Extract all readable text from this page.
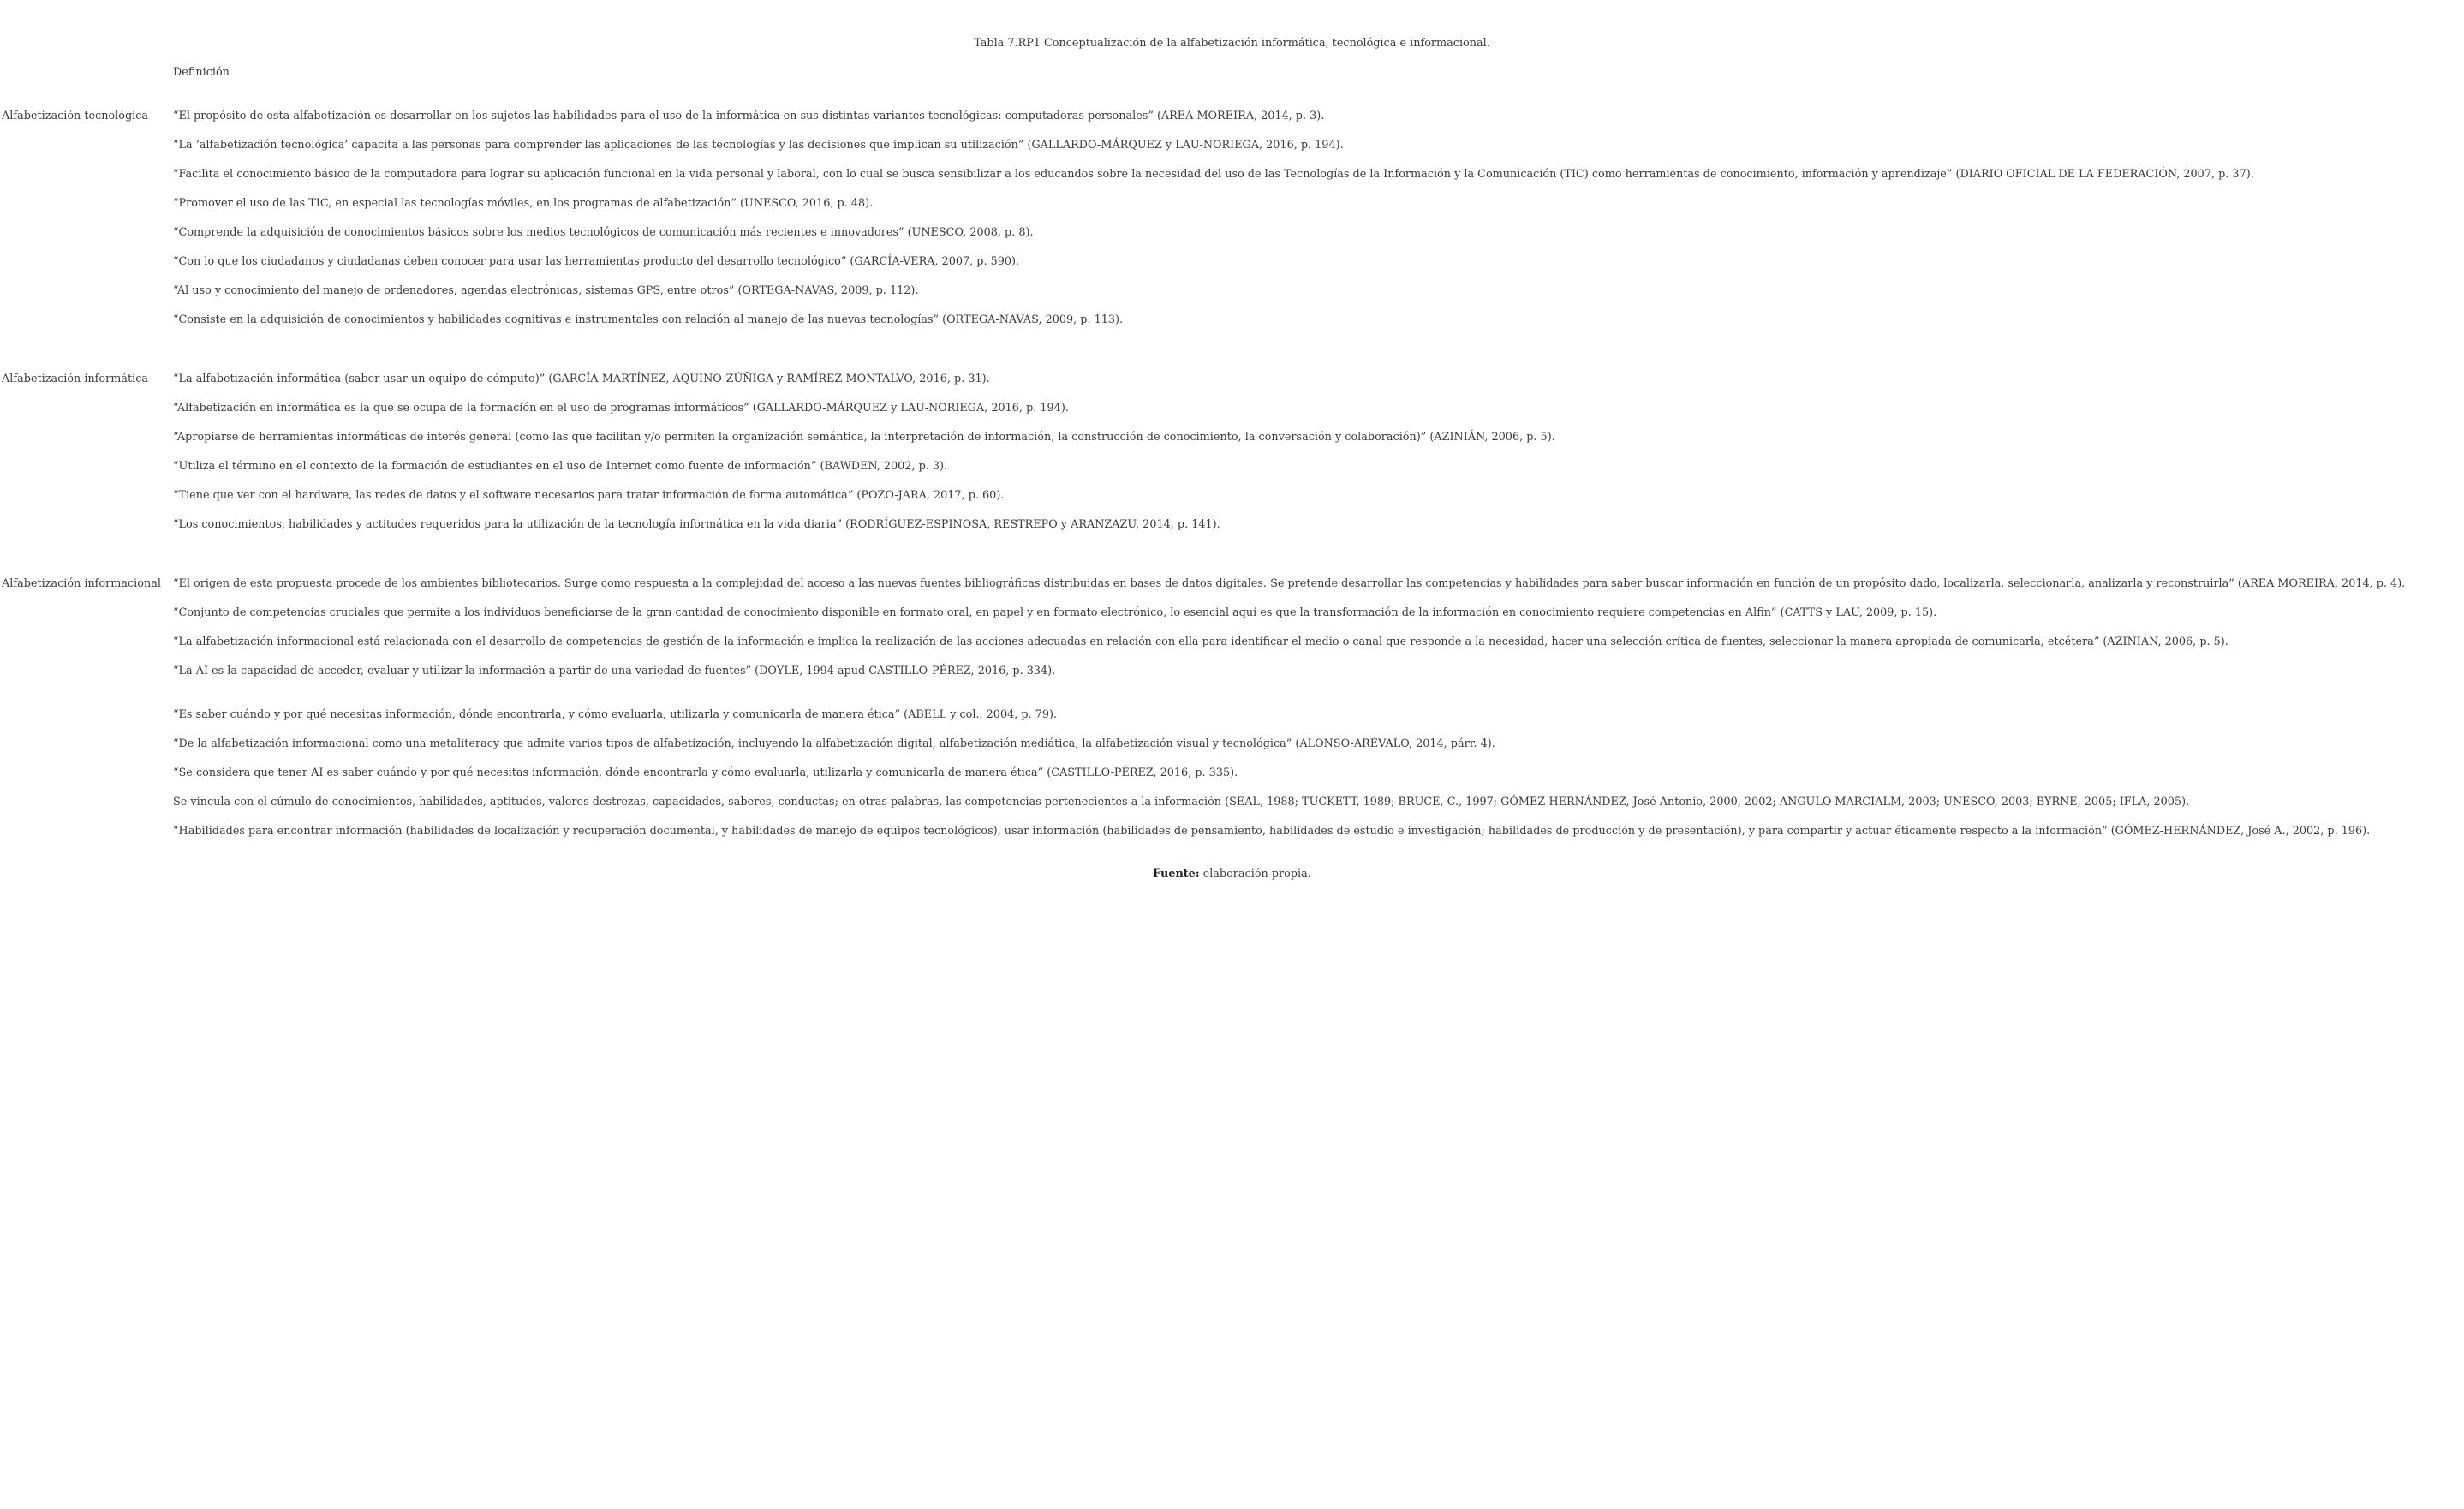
Tabla 7.RP1 Conceptualización de la alfabetización informática, tecnológica e informacional.
Definición
Alfabetización tecnológica “El propósito de esta alfabetización es desarrollar en los sujetos las habilidades para el uso de la informática en sus distintas variantes tecnológicas: computadoras personales” (AREA MOREIRA, 2014, p. 3).
“La ‘alfabetización tecnológica’ capacita a las personas para comprender las aplicaciones de las tecnologías y las decisiones que implican su utilización” (GALLARDO-MÁRQUEZ y LAU-NORIEGA, 2016, p. 194).
“Facilita el conocimiento básico de la computadora para lograr su aplicación funcional en la vida personal y laboral, con lo cual se busca sensibilizar a los educandos sobre la necesidad del uso de las Tecnologías de la Información y la Comunicación (TIC) como herramientas de conocimiento, información y aprendizaje” (DIARIO OFICIAL DE LA FEDERACIÓN, 2007, p. 37).
“Promover el uso de las TIC, en especial las tecnologías móviles, en los programas de alfabetización” (UNESCO, 2016, p. 48).
“Comprende la adquisición de conocimientos básicos sobre los medios tecnológicos de comunicación más recientes e innovadores” (UNESCO, 2008, p. 8).
“Con lo que los ciudadanos y ciudadanas deben conocer para usar las herramientas producto del desarrollo tecnológico” (GARCÍA-VERA, 2007, p. 590).
“Al uso y conocimiento del manejo de ordenadores, agendas electrónicas, sistemas GPS, entre otros” (ORTEGA-NAVAS, 2009, p. 112).
“Consiste en la adquisición de conocimientos y habilidades cognitivas e instrumentales con relación al manejo de las nuevas tecnologías” (ORTEGA-NAVAS, 2009, p. 113).
Alfabetización informática “La alfabetización informática (saber usar un equipo de cómputo)” (GARCÍA-MARTÍNEZ, AQUINO-ZÚÑIGA y RAMÍREZ-MONTALVO, 2016, p. 31).
“Alfabetización en informática es la que se ocupa de la formación en el uso de programas informáticos” (GALLARDO-MÁRQUEZ y LAU-NORIEGA, 2016, p. 194).
“Apropiarse de herramientas informáticas de interés general (como las que facilitan y/o permiten la organización semántica, la interpretación de información, la construcción de conocimiento, la conversación y colaboración)” (AZINIÁN, 2006, p. 5).
“Utiliza el término en el contexto de la formación de estudiantes en el uso de Internet como fuente de información” (BAWDEN, 2002, p. 3).
“Tiene que ver con el hardware, las redes de datos y el software necesarios para tratar información de forma automática” (POZO-JARA, 2017, p. 60).
“Los conocimientos, habilidades y actitudes requeridos para la utilización de la tecnología informática en la vida diaria” (RODRÍGUEZ-ESPINOSA, RESTREPO y ARANZAZU, 2014, p. 141).
Alfabetización informacional “El origen de esta propuesta procede de los ambientes bibliotecarios. Surge como respuesta a la complejidad del acceso a las nuevas fuentes bibliográficas distribuidas en bases de datos digitales. Se pretende desarrollar las competencias y habilidades para saber buscar información en función de un propósito dado, localizarla, seleccionarla, analizarla y reconstruirla” (AREA MOREIRA, 2014, p. 4).
“Conjunto de competencias cruciales que permite a los individuos beneficiarse de la gran cantidad de conocimiento disponible en formato oral, en papel y en formato electrónico, lo esencial aquí es que la transformación de la información en conocimiento requiere competencias en Alfin” (CATTS y LAU, 2009, p. 15).
“La alfabetización informacional está relacionada con el desarrollo de competencias de gestión de la información e implica la realización de las acciones adecuadas en relación con ella para identificar el medio o canal que responde a la necesidad, hacer una selección crítica de fuentes, seleccionar la manera apropiada de comunicarla, etcétera” (AZINIÁN, 2006, p. 5).
“La AI es la capacidad de acceder, evaluar y utilizar la información a partir de una variedad de fuentes” (DOYLE, 1994 apud CASTILLO-PÉREZ, 2016, p. 334).
“Es saber cuándo y por qué necesitas información, dónde encontrarla, y cómo evaluarla, utilizarla y comunicarla de manera ética” (ABELL y col., 2004, p. 79).
“De la alfabetización informacional como una metaliteracy que admite varios tipos de alfabetización, incluyendo la alfabetización digital, alfabetización mediática, la alfabetización visual y tecnológica” (ALONSO-ARÉVALO, 2014, párr. 4).
“Se considera que tener AI es saber cuándo y por qué necesitas información, dónde encontrarla y cómo evaluarla, utilizarla y comunicarla de manera ética” (CASTILLO-PÉREZ, 2016, p. 335).
Se vincula con el cúmulo de conocimientos, habilidades, aptitudes, valores destrezas, capacidades, saberes, conductas; en otras palabras, las competencias pertenecientes a la información (SEAL, 1988; TUCKETT, 1989; BRUCE, C., 1997; GÓMEZ-HERNÁNDEZ, José Antonio, 2000, 2002; ANGULO MARCIALM, 2003; UNESCO, 2003; BYRNE, 2005; IFLA, 2005).
“Habilidades para encontrar información (habilidades de localización y recuperación documental, y habilidades de manejo de equipos tecnológicos), usar información (habilidades de pensamiento, habilidades de estudio e investigación; habilidades de producción y de presentación), y para compartir y actuar éticamente respecto a la información” (GÓMEZ-HERNÁNDEZ, José A., 2002, p. 196).
Fuente: elaboración propia.
